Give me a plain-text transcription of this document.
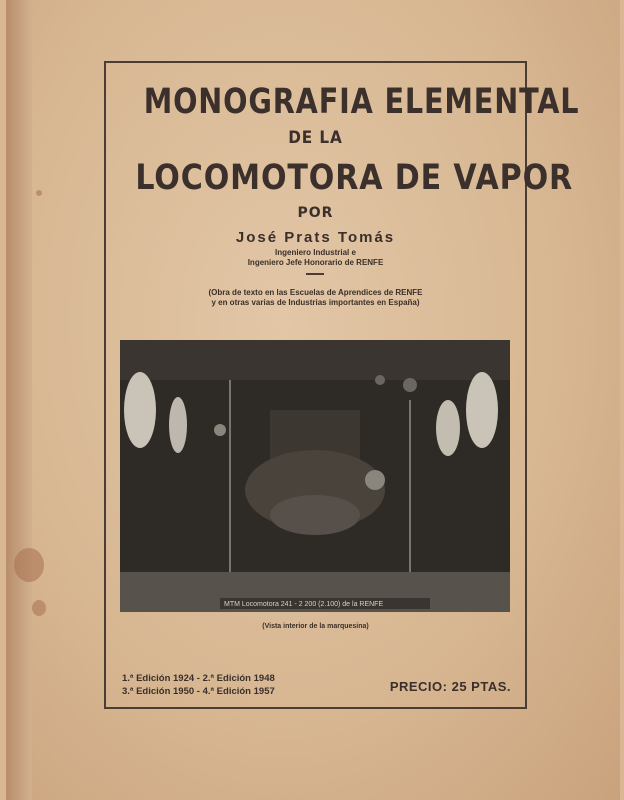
MONOGRAFIA ELEMENTAL
DE LA
LOCOMOTORA DE VAPOR
POR
José Prats Tomás
Ingeniero Industrial e
Ingeniero Jefe Honorario de RENFE
(Obra de texto en las Escuelas de Aprendices de RENFE
y en otras varias de Industrias importantes en España)
MTM Locomotora 241 - 2 200 (2.100) de la RENFE
(Vista interior de la marquesina)
1.ª Edición 1924 - 2.ª Edición 1948
3.ª Edición 1950 - 4.ª Edición 1957	PRECIO: 25 PTAS.
